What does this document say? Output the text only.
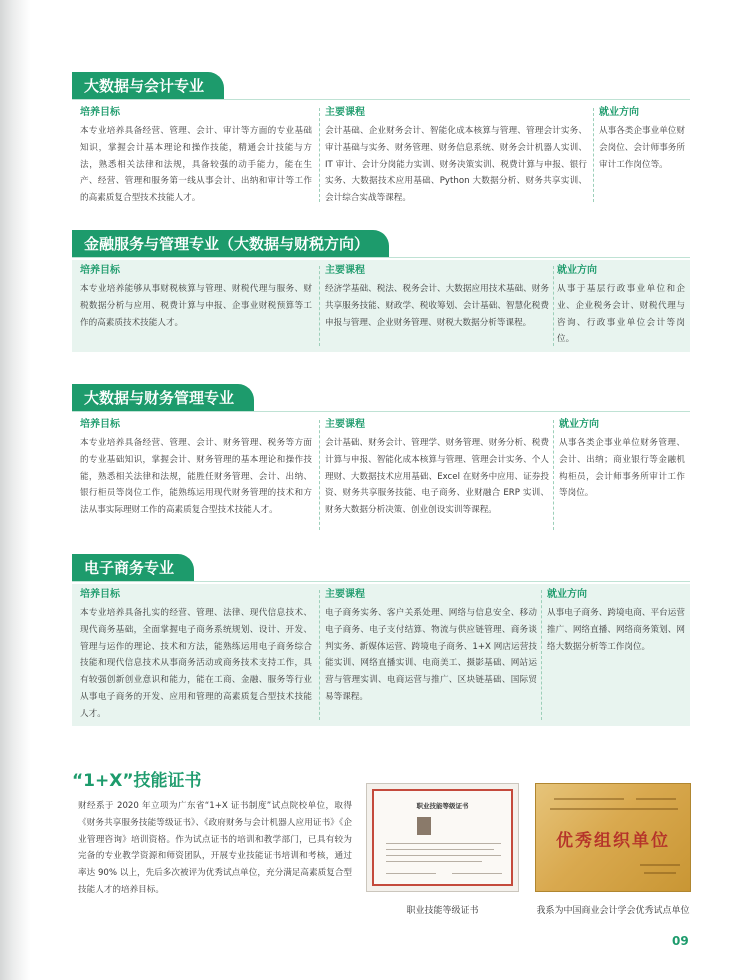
大数据与会计专业
培养目标
本专业培养具备经营、管理、会计、审计等方面的专业基础知识，掌握会计基本理论和操作技能，精通会计技能与方法，熟悉相关法律和法规，具备较强的动手能力，能在生产、经营、管理和服务第一线从事会计、出纳和审计等工作的高素质复合型技术技能人才。
主要课程
会计基础、企业财务会计、智能化成本核算与管理、管理会计实务、审计基础与实务、财务管理、财务信息系统、财务会计机器人实训、IT 审计、会计分岗能力实训、财务决策实训、税费计算与申报、银行实务、大数据技术应用基础、Python 大数据分析、财务共享实训、会计综合实战等课程。
就业方向
从事各类企事业单位财会岗位、会计师事务所审计工作岗位等。
金融服务与管理专业（大数据与财税方向）
培养目标
本专业培养能够从事财税核算与管理、财税代理与服务、财税数据分析与应用、税费计算与申报、企事业财税预算等工作的高素质技术技能人才。
主要课程
经济学基础、税法、税务会计、大数据应用技术基础、财务共享服务技能、财政学、税收筹划、会计基础、智慧化税费申报与管理、企业财务管理、财税大数据分析等课程。
就业方向
从事于基层行政事业单位和企业、企业税务会计、财税代理与咨询、行政事业单位会计等岗位。
大数据与财务管理专业
培养目标
本专业培养具备经营、管理、会计、财务管理、税务等方面的专业基础知识，掌握会计、财务管理的基本理论和操作技能，熟悉相关法律和法规，能胜任财务管理、会计、出纳、银行柜员等岗位工作，能熟练运用现代财务管理的技术和方法从事实际理财工作的高素质复合型技术技能人才。
主要课程
会计基础、财务会计、管理学、财务管理、财务分析、税费计算与申报、智能化成本核算与管理、管理会计实务、个人理财、大数据技术应用基础、Excel 在财务中应用、证券投资、财务共享服务技能、电子商务、业财融合 ERP 实训、财务大数据分析决策、创业创设实训等课程。
就业方向
从事各类企事业单位财务管理、会计、出纳；商业银行等金融机构柜员，会计师事务所审计工作等岗位。
电子商务专业
培养目标
本专业培养具备扎实的经营、管理、法律、现代信息技术、现代商务基础，全面掌握电子商务系统规划、设计、开发、管理与运作的理论、技术和方法，能熟练运用电子商务综合技能和现代信息技术从事商务活动或商务技术支持工作，具有较强创新创业意识和能力，能在工商、金融、服务等行业从事电子商务的开发、应用和管理的高素质复合型技术技能人才。
主要课程
电子商务实务、客户关系处理、网络与信息安全、移动电子商务、电子支付结算、物流与供应链管理、商务谈判实务、新媒体运营、跨境电子商务、1+X 网店运营技能实训、网络直播实训、电商美工、摄影基础、网站运营与管理实训、电商运营与推广、区块链基础、国际贸易等课程。
就业方向
从事电子商务、跨境电商、平台运营推广、网络直播、网络商务策划、网络大数据分析等工作岗位。
“1+X”技能证书
财经系于 2020 年立项为广东省“1+X 证书制度”试点院校单位，取得《财务共享服务技能等级证书》、《政府财务与会计机器人应用证书》《企业管理咨询》培训资格。作为试点证书的培训和教学部门，已具有较为完备的专业教学资源和师资团队，开展专业技能证书培训和考核，通过率达 90% 以上，先后多次被评为优秀试点单位，充分满足高素质复合型技能人才的培养目标。
职业技能等级证书
职业技能等级证书
优秀组织单位
我系为中国商业会计学会优秀试点单位
09
